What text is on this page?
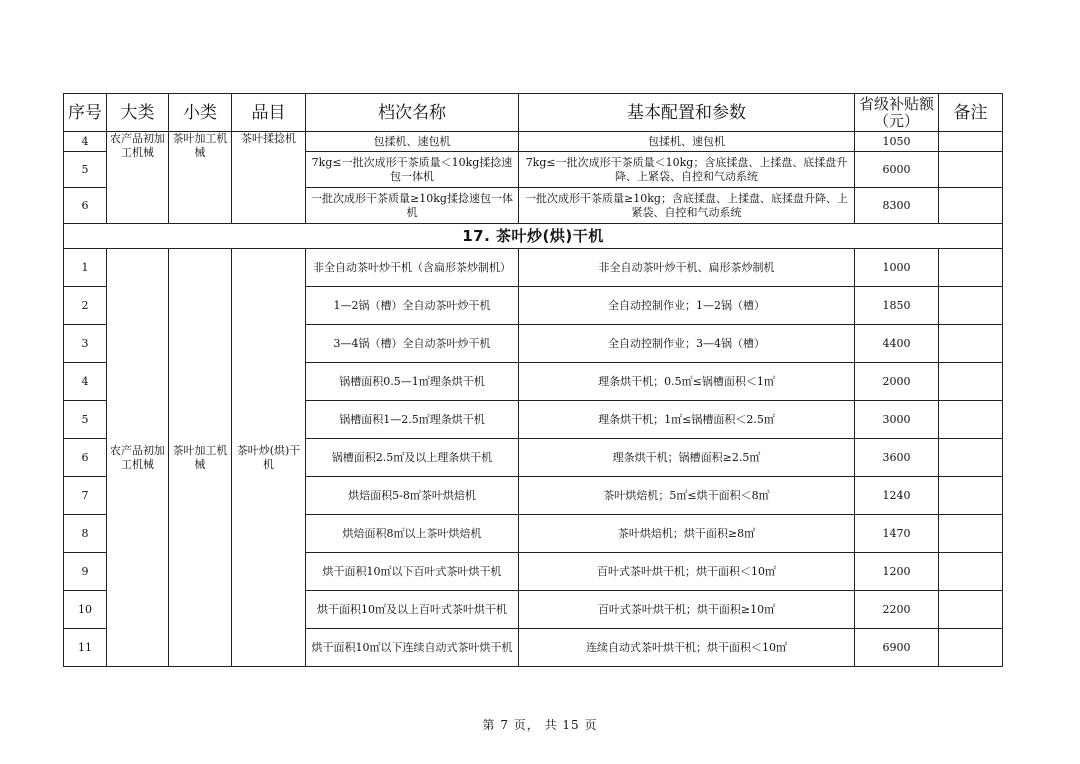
序号	大类	小类	品目	档次名称	基本配置和参数	省级补贴额（元）	备注
4	农产品初加工机械	茶叶加工机械	茶叶揉捻机	包揉机、速包机	包揉机、速包机	1050	
5				7kg≤一批次成形干茶质量＜10kg揉捻速包一体机	7kg≤一批次成形干茶质量＜10kg；含底揉盘、上揉盘、底揉盘升降、上紧袋、自控和气动系统	6000	
6				一批次成形干茶质量≥10kg揉捻速包一体机	一批次成形干茶质量≥10kg；含底揉盘、上揉盘、底揉盘升降、上紧袋、自控和气动系统	8300	
17. 茶叶炒(烘)干机							
1	农产品初加工机械	茶叶加工机械	茶叶炒(烘)干机	非全自动茶叶炒干机（含扁形茶炒制机）	非全自动茶叶炒干机、扁形茶炒制机	1000	
2				1—2锅（槽）全自动茶叶炒干机	全自动控制作业；1—2锅（槽）	1850	
3				3—4锅（槽）全自动茶叶炒干机	全自动控制作业；3—4锅（槽）	4400	
4				锅槽面积0.5—1㎡理条烘干机	理条烘干机；0.5㎡≤锅槽面积＜1㎡	2000	
5				锅槽面积1—2.5㎡理条烘干机	理条烘干机；1㎡≤锅槽面积＜2.5㎡	3000	
6				锅槽面积2.5㎡及以上理条烘干机	理条烘干机；锅槽面积≥2.5㎡	3600	
7				烘焙面积5-8㎡茶叶烘焙机	茶叶烘焙机；5㎡≤烘干面积＜8㎡	1240	
8				烘焙面积8㎡以上茶叶烘焙机	茶叶烘焙机；烘干面积≥8㎡	1470	
9				烘干面积10㎡以下百叶式茶叶烘干机	百叶式茶叶烘干机；烘干面积＜10㎡	1200	
10				烘干面积10㎡及以上百叶式茶叶烘干机	百叶式茶叶烘干机；烘干面积≥10㎡	2200	
11				烘干面积10㎡以下连续自动式茶叶烘干机	连续自动式茶叶烘干机；烘干面积＜10㎡	6900	
第 7 页， 共 15 页
